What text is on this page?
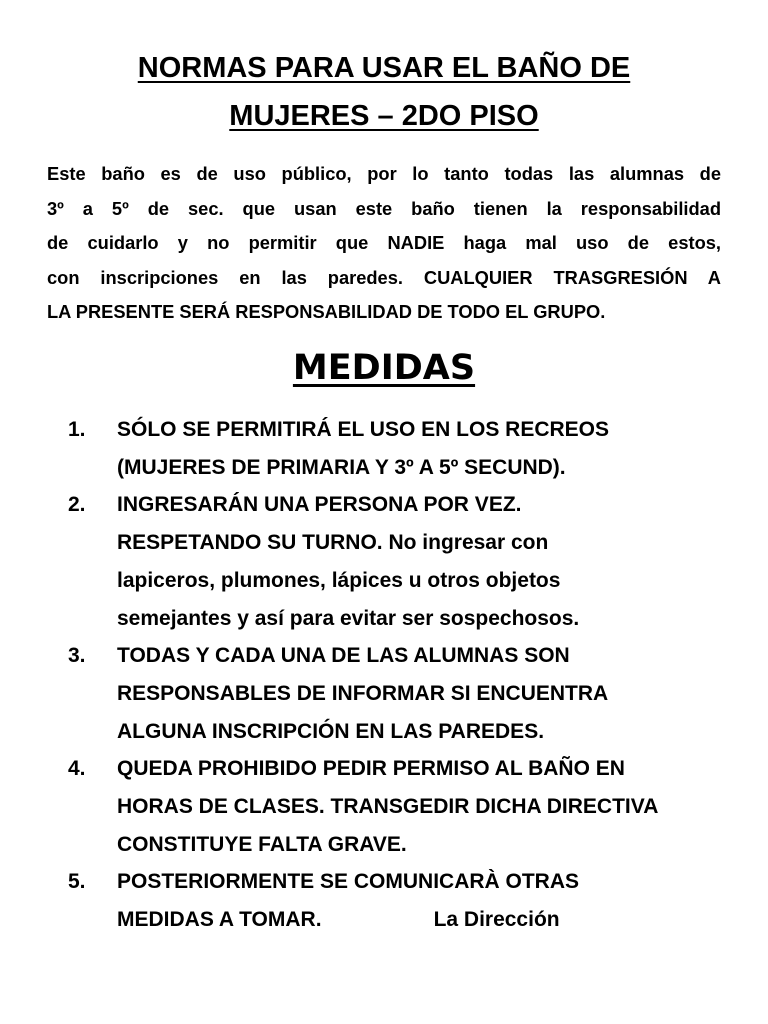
NORMAS PARA USAR EL BAÑO DE
MUJERES – 2DO PISO
Este baño es de uso público, por lo tanto todas las alumnas de
3º a 5º de sec. que usan este baño tienen la responsabilidad
de cuidarlo y no permitir que NADIE haga mal uso de estos,
con inscripciones en las paredes. CUALQUIER TRASGRESIÓN A
LA PRESENTE SERÁ RESPONSABILIDAD DE TODO EL GRUPO.
MEDIDAS
1. SÓLO SE PERMITIRÁ EL USO EN LOS RECREOS
(MUJERES DE PRIMARIA Y 3º A 5º SECUND).
2. INGRESARÁN UNA PERSONA POR VEZ.
RESPETANDO SU TURNO. No ingresar con
lapiceros, plumones, lápices u otros objetos
semejantes y así para evitar ser sospechosos.
3. TODAS Y CADA UNA DE LAS ALUMNAS SON
RESPONSABLES DE INFORMAR SI ENCUENTRA
ALGUNA INSCRIPCIÓN EN LAS PAREDES.
4. QUEDA PROHIBIDO PEDIR PERMISO AL BAÑO EN
HORAS DE CLASES. TRANSGEDIR DICHA DIRECTIVA
CONSTITUYE FALTA GRAVE.
5. POSTERIORMENTE SE COMUNICARÀ OTRAS
MEDIDAS A TOMAR.	La Dirección
